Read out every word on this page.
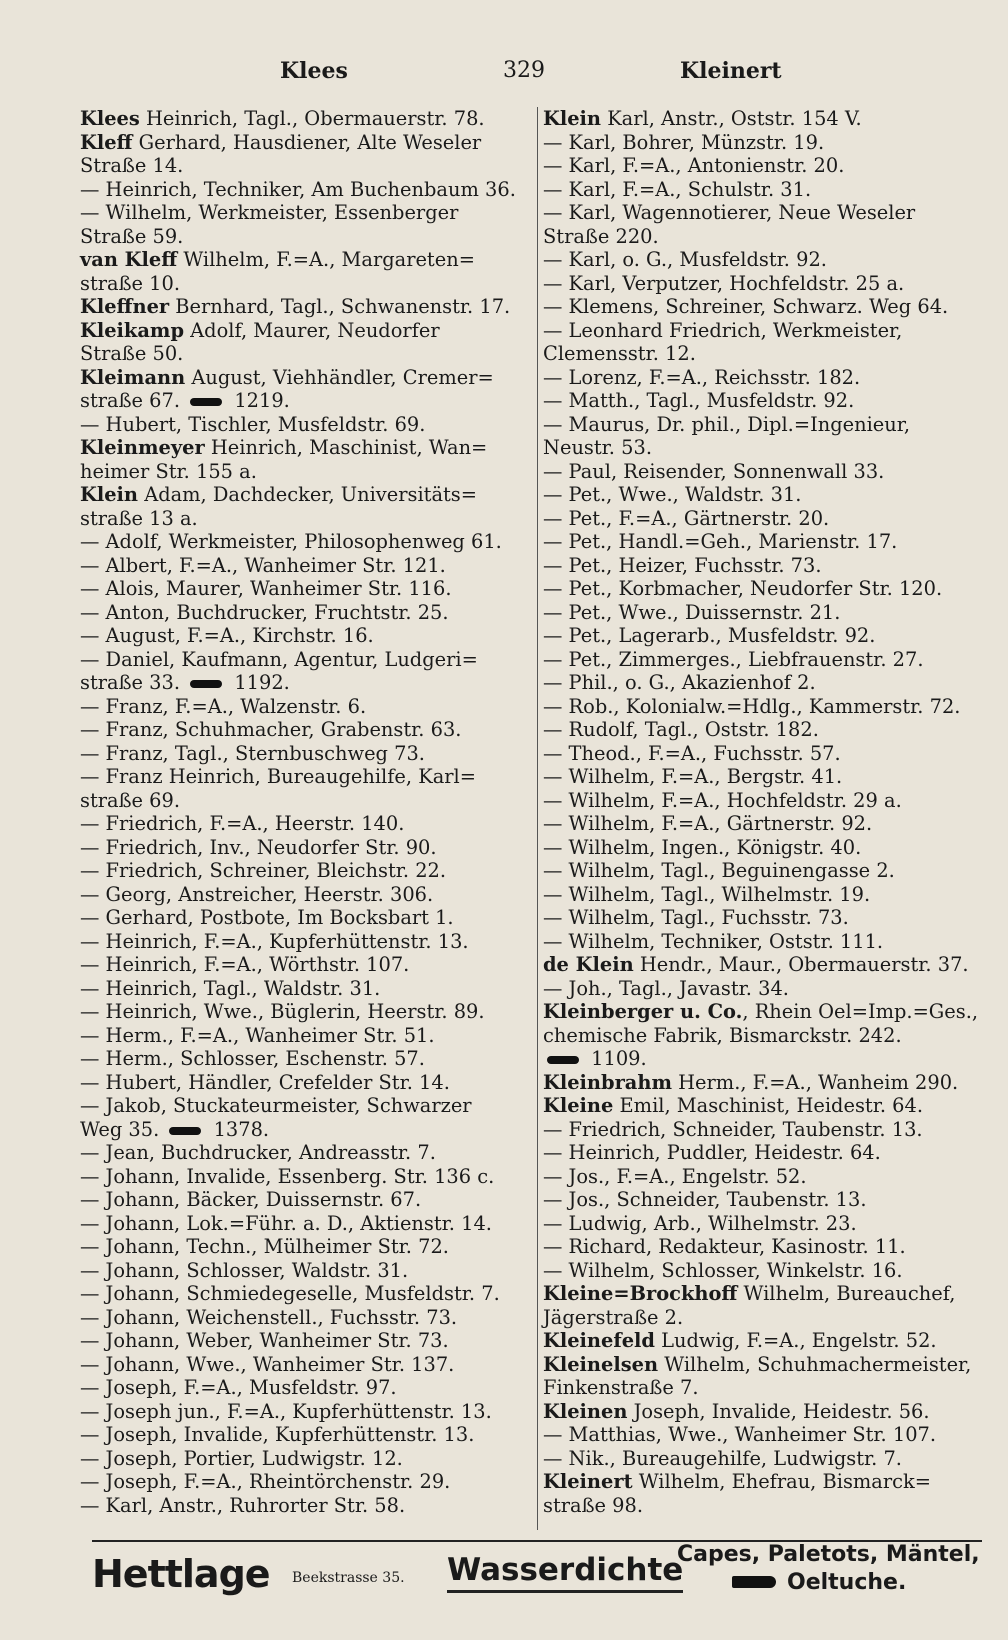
Klees	329	Kleinert
Klees Heinrich, Tagl., Obermauerstr. 78.
Kleff Gerhard, Hausdiener, Alte Weseler
Straße 14.
— Heinrich, Techniker, Am Buchenbaum 36.
— Wilhelm, Werkmeister, Essenberger
Straße 59.
van Kleff Wilhelm, F.=A., Margareten=
straße 10.
Kleffner Bernhard, Tagl., Schwanenstr. 17.
Kleikamp Adolf, Maurer, Neudorfer
Straße 50.
Kleimann August, Viehhändler, Cremer=
straße 67.  1219.
— Hubert, Tischler, Musfeldstr. 69.
Kleinmeyer Heinrich, Maschinist, Wan=
heimer Str. 155 a.
Klein Adam, Dachdecker, Universitäts=
straße 13 a.
— Adolf, Werkmeister, Philosophenweg 61.
— Albert, F.=A., Wanheimer Str. 121.
— Alois, Maurer, Wanheimer Str. 116.
— Anton, Buchdrucker, Fruchtstr. 25.
— August, F.=A., Kirchstr. 16.
— Daniel, Kaufmann, Agentur, Ludgeri=
straße 33.  1192.
— Franz, F.=A., Walzenstr. 6.
— Franz, Schuhmacher, Grabenstr. 63.
— Franz, Tagl., Sternbuschweg 73.
— Franz Heinrich, Bureaugehilfe, Karl=
straße 69.
— Friedrich, F.=A., Heerstr. 140.
— Friedrich, Inv., Neudorfer Str. 90.
— Friedrich, Schreiner, Bleichstr. 22.
— Georg, Anstreicher, Heerstr. 306.
— Gerhard, Postbote, Im Bocksbart 1.
— Heinrich, F.=A., Kupferhüttenstr. 13.
— Heinrich, F.=A., Wörthstr. 107.
— Heinrich, Tagl., Waldstr. 31.
— Heinrich, Wwe., Büglerin, Heerstr. 89.
— Herm., F.=A., Wanheimer Str. 51.
— Herm., Schlosser, Eschenstr. 57.
— Hubert, Händler, Crefelder Str. 14.
— Jakob, Stuckateurmeister, Schwarzer
Weg 35.  1378.
— Jean, Buchdrucker, Andreasstr. 7.
— Johann, Invalide, Essenberg. Str. 136 c.
— Johann, Bäcker, Duissernstr. 67.
— Johann, Lok.=Führ. a. D., Aktienstr. 14.
— Johann, Techn., Mülheimer Str. 72.
— Johann, Schlosser, Waldstr. 31.
— Johann, Schmiedegeselle, Musfeldstr. 7.
— Johann, Weichenstell., Fuchsstr. 73.
— Johann, Weber, Wanheimer Str. 73.
— Johann, Wwe., Wanheimer Str. 137.
— Joseph, F.=A., Musfeldstr. 97.
— Joseph jun., F.=A., Kupferhüttenstr. 13.
— Joseph, Invalide, Kupferhüttenstr. 13.
— Joseph, Portier, Ludwigstr. 12.
— Joseph, F.=A., Rheintörchenstr. 29.
— Karl, Anstr., Ruhrorter Str. 58.
Klein Karl, Anstr., Oststr. 154 V.
— Karl, Bohrer, Münzstr. 19.
— Karl, F.=A., Antonienstr. 20.
— Karl, F.=A., Schulstr. 31.
— Karl, Wagennotierer, Neue Weseler
Straße 220.
— Karl, o. G., Musfeldstr. 92.
— Karl, Verputzer, Hochfeldstr. 25 a.
— Klemens, Schreiner, Schwarz. Weg 64.
— Leonhard Friedrich, Werkmeister,
Clemensstr. 12.
— Lorenz, F.=A., Reichsstr. 182.
— Matth., Tagl., Musfeldstr. 92.
— Maurus, Dr. phil., Dipl.=Ingenieur,
Neustr. 53.
— Paul, Reisender, Sonnenwall 33.
— Pet., Wwe., Waldstr. 31.
— Pet., F.=A., Gärtnerstr. 20.
— Pet., Handl.=Geh., Marienstr. 17.
— Pet., Heizer, Fuchsstr. 73.
— Pet., Korbmacher, Neudorfer Str. 120.
— Pet., Wwe., Duissernstr. 21.
— Pet., Lagerarb., Musfeldstr. 92.
— Pet., Zimmerges., Liebfrauenstr. 27.
— Phil., o. G., Akazienhof 2.
— Rob., Kolonialw.=Hdlg., Kammerstr. 72.
— Rudolf, Tagl., Oststr. 182.
— Theod., F.=A., Fuchsstr. 57.
— Wilhelm, F.=A., Bergstr. 41.
— Wilhelm, F.=A., Hochfeldstr. 29 a.
— Wilhelm, F.=A., Gärtnerstr. 92.
— Wilhelm, Ingen., Königstr. 40.
— Wilhelm, Tagl., Beguinengasse 2.
— Wilhelm, Tagl., Wilhelmstr. 19.
— Wilhelm, Tagl., Fuchsstr. 73.
— Wilhelm, Techniker, Oststr. 111.
de Klein Hendr., Maur., Obermauerstr. 37.
— Joh., Tagl., Javastr. 34.
Kleinberger u. Co., Rhein Oel=Imp.=Ges.,
chemische Fabrik, Bismarckstr. 242.
1109.
Kleinbrahm Herm., F.=A., Wanheim 290.
Kleine Emil, Maschinist, Heidestr. 64.
— Friedrich, Schneider, Taubenstr. 13.
— Heinrich, Puddler, Heidestr. 64.
— Jos., F.=A., Engelstr. 52.
— Jos., Schneider, Taubenstr. 13.
— Ludwig, Arb., Wilhelmstr. 23.
— Richard, Redakteur, Kasinostr. 11.
— Wilhelm, Schlosser, Winkelstr. 16.
Kleine=Brockhoff Wilhelm, Bureauchef,
Jägerstraße 2.
Kleinefeld Ludwig, F.=A., Engelstr. 52.
Kleinelsen Wilhelm, Schuhmachermeister,
Finkenstraße 7.
Kleinen Joseph, Invalide, Heidestr. 56.
— Matthias, Wwe., Wanheimer Str. 107.
— Nik., Bureaugehilfe, Ludwigstr. 7.
Kleinert Wilhelm, Ehefrau, Bismarck=
straße 98.
Hettlage Beekstrasse 35. Wasserdichte
Capes, Paletots, Mäntel,
Oeltuche.
